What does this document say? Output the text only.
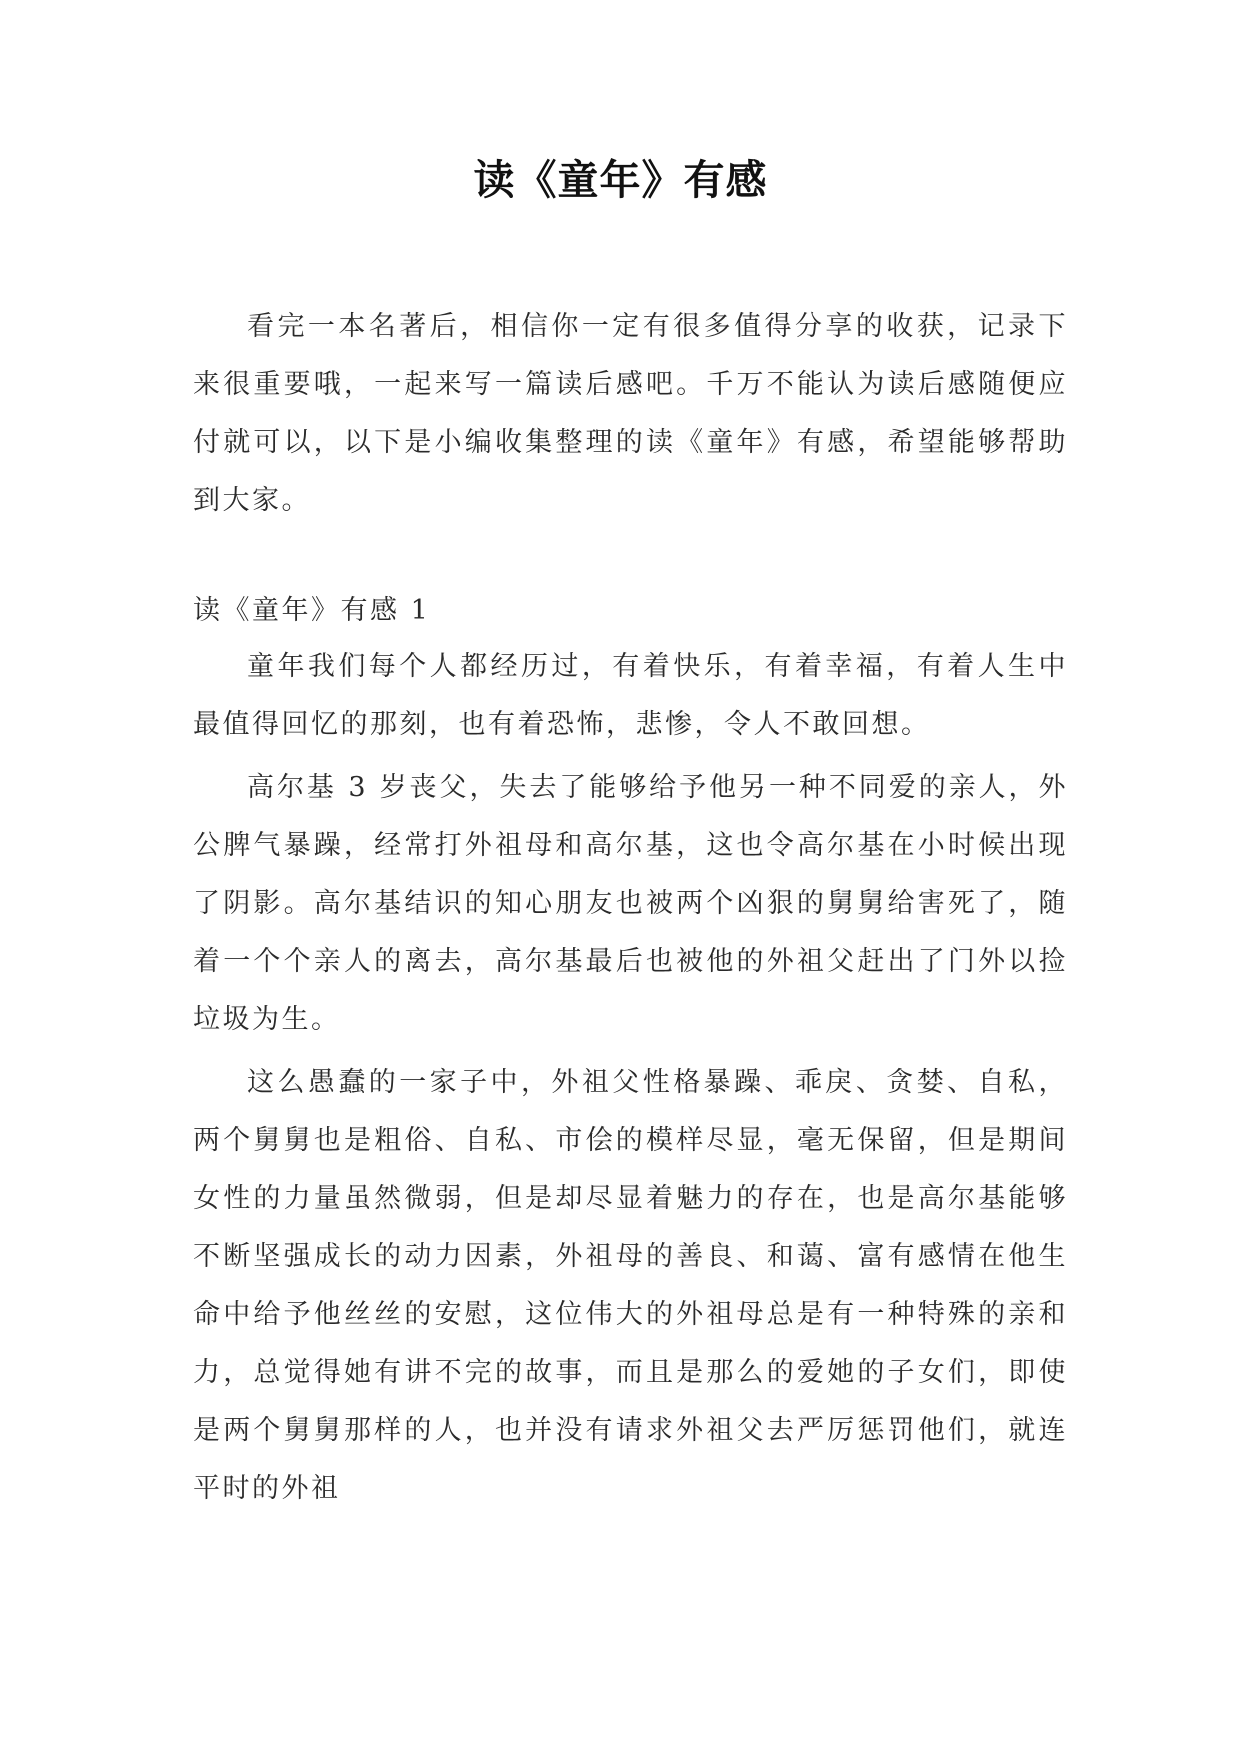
读《童年》有感

看完一本名著后，相信你一定有很多值得分享的收获，记录下来很重要哦，一起来写一篇读后感吧。千万不能认为读后感随便应付就可以，以下是小编收集整理的读《童年》有感，希望能够帮助到大家。

读《童年》有感 1

童年我们每个人都经历过，有着快乐，有着幸福，有着人生中最值得回忆的那刻，也有着恐怖，悲惨，令人不敢回想。

高尔基 3 岁丧父，失去了能够给予他另一种不同爱的亲人，外公脾气暴躁，经常打外祖母和高尔基，这也令高尔基在小时候出现了阴影。高尔基结识的知心朋友也被两个凶狠的舅舅给害死了，随着一个个亲人的离去，高尔基最后也被他的外祖父赶出了门外以捡垃圾为生。

这么愚蠢的一家子中，外祖父性格暴躁、乖戾、贪婪、自私，两个舅舅也是粗俗、自私、市侩的模样尽显，毫无保留，但是期间女性的力量虽然微弱，但是却尽显着魅力的存在，也是高尔基能够不断坚强成长的动力因素，外祖母的善良、和蔼、富有感情在他生命中给予他丝丝的安慰，这位伟大的外祖母总是有一种特殊的亲和力，总觉得她有讲不完的故事，而且是那么的爱她的子女们，即使是两个舅舅那样的人，也并没有请求外祖父去严厉惩罚他们，就连平时的外祖
